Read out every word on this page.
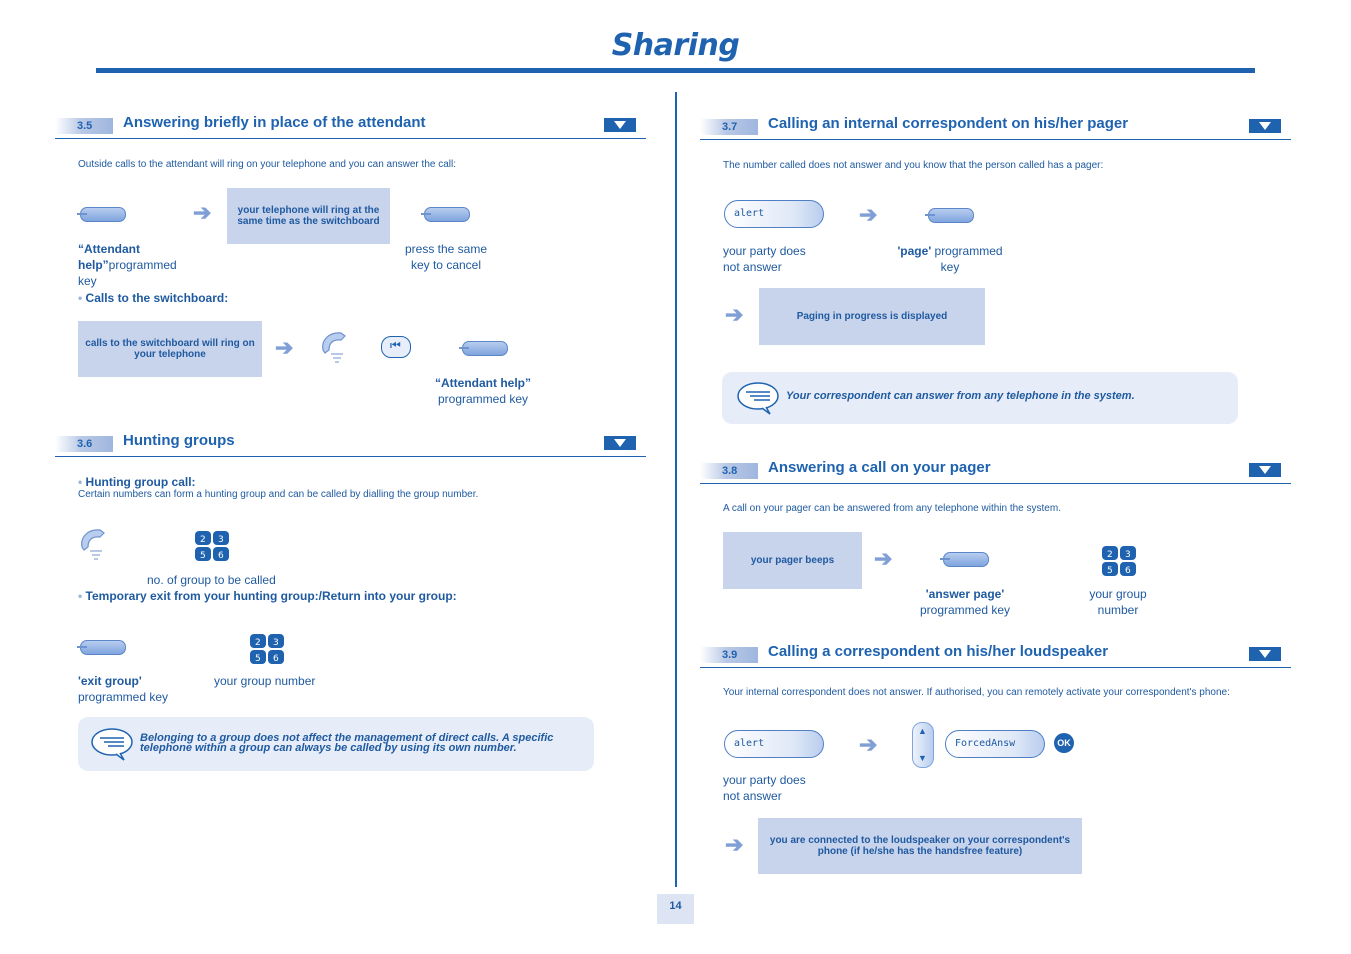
Sharing
3.5 Answering briefly in place of the attendant
Outside calls to the attendant will ring on your telephone and you can answer the call:
➔	your telephone will ring at the same time as the switchboard
“Attendant
help”programmed
key
press the same
key to cancel
• Calls to the switchboard:
calls to the switchboard will ring on your telephone	➔	⏮
“Attendant help”
programmed key
3.6 Hunting groups
• Hunting group call:
Certain numbers can form a hunting group and can be called by dialling the group number.
2 3
5 6
no. of group to be called
• Temporary exit from your hunting group:/Return into your group:
2 3
5 6
'exit group'
programmed key
your group number
Belonging to a group does not affect the management of direct calls. A specific telephone within a group can always be called by using its own number.
3.7 Calling an internal correspondent on his/her pager
The number called does not answer and you know that the person called has a pager:
alert	➔
your party does
not answer
'page' programmed
key
➔	Paging in progress is displayed
Your correspondent can answer from any telephone in the system.
3.8 Answering a call on your pager
A call on your pager can be answered from any telephone within the system.
your pager beeps	➔	2 3
5 6
'answer page'
programmed key
your group
number
3.9 Calling a correspondent on his/her loudspeaker
Your internal correspondent does not answer. If authorised, you can remotely activate your correspondent's phone:
alert	➔
▲
▼
ForcedAnsw	OK
your party does
not answer
➔	you are connected to the loudspeaker on your correspondent's phone (if he/she has the handsfree feature)
14
